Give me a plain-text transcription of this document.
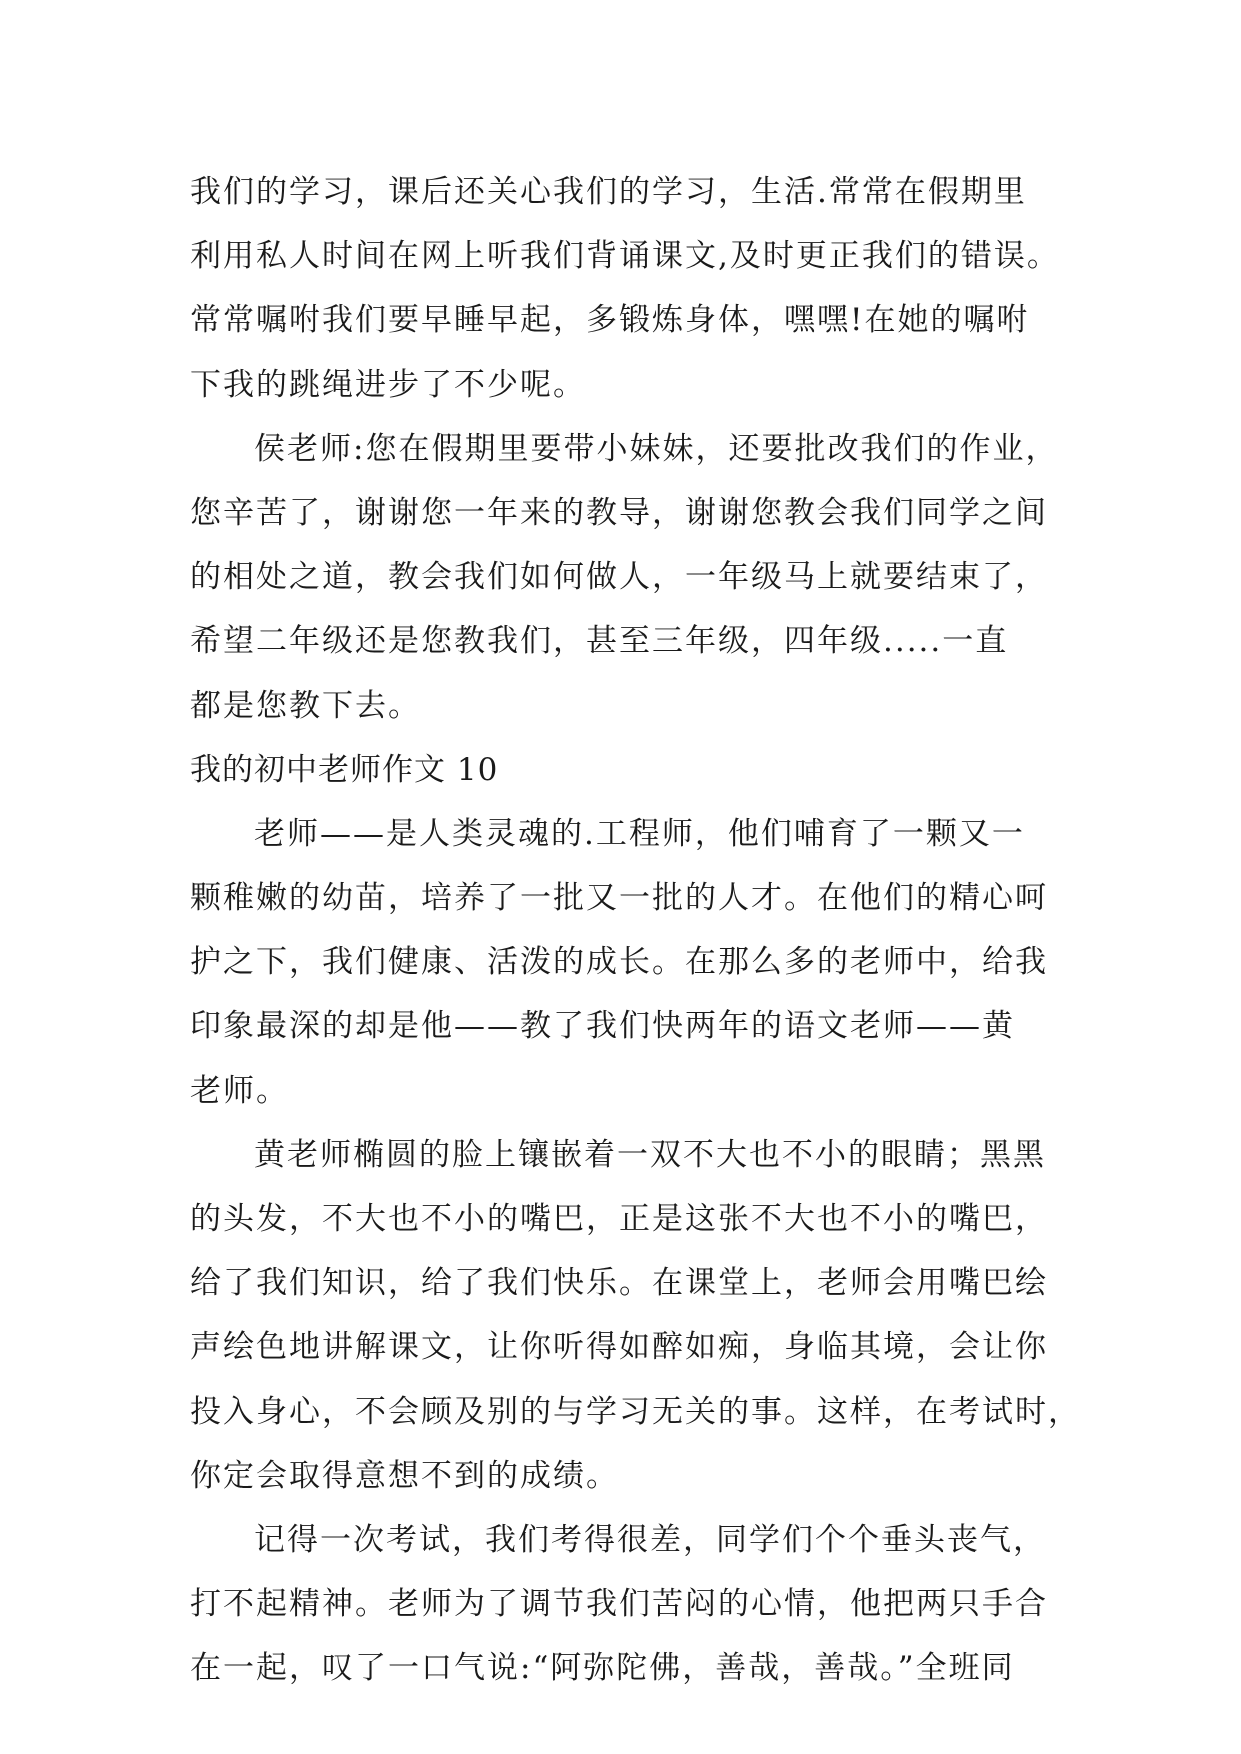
我们的学习，课后还关心我们的学习，生活.常常在假期里
利用私人时间在网上听我们背诵课文,及时更正我们的错误。
常常嘱咐我们要早睡早起，多锻炼身体，嘿嘿!在她的嘱咐
下我的跳绳进步了不少呢。
侯老师:您在假期里要带小妹妹，还要批改我们的作业，
您辛苦了，谢谢您一年来的教导，谢谢您教会我们同学之间
的相处之道，教会我们如何做人，一年级马上就要结束了，
希望二年级还是您教我们，甚至三年级，四年级.....一直
都是您教下去。
我的初中老师作文 10
老师——是人类灵魂的.工程师，他们哺育了一颗又一
颗稚嫩的幼苗，培养了一批又一批的人才。在他们的精心呵
护之下，我们健康、活泼的成长。在那么多的老师中，给我
印象最深的却是他——教了我们快两年的语文老师——黄
老师。
黄老师椭圆的脸上镶嵌着一双不大也不小的眼睛；黑黑
的头发，不大也不小的嘴巴，正是这张不大也不小的嘴巴，
给了我们知识，给了我们快乐。在课堂上，老师会用嘴巴绘
声绘色地讲解课文，让你听得如醉如痴，身临其境，会让你
投入身心，不会顾及别的与学习无关的事。这样，在考试时，
你定会取得意想不到的成绩。
记得一次考试，我们考得很差，同学们个个垂头丧气，
打不起精神。老师为了调节我们苦闷的心情，他把两只手合
在一起，叹了一口气说:“阿弥陀佛，善哉，善哉。”全班同
